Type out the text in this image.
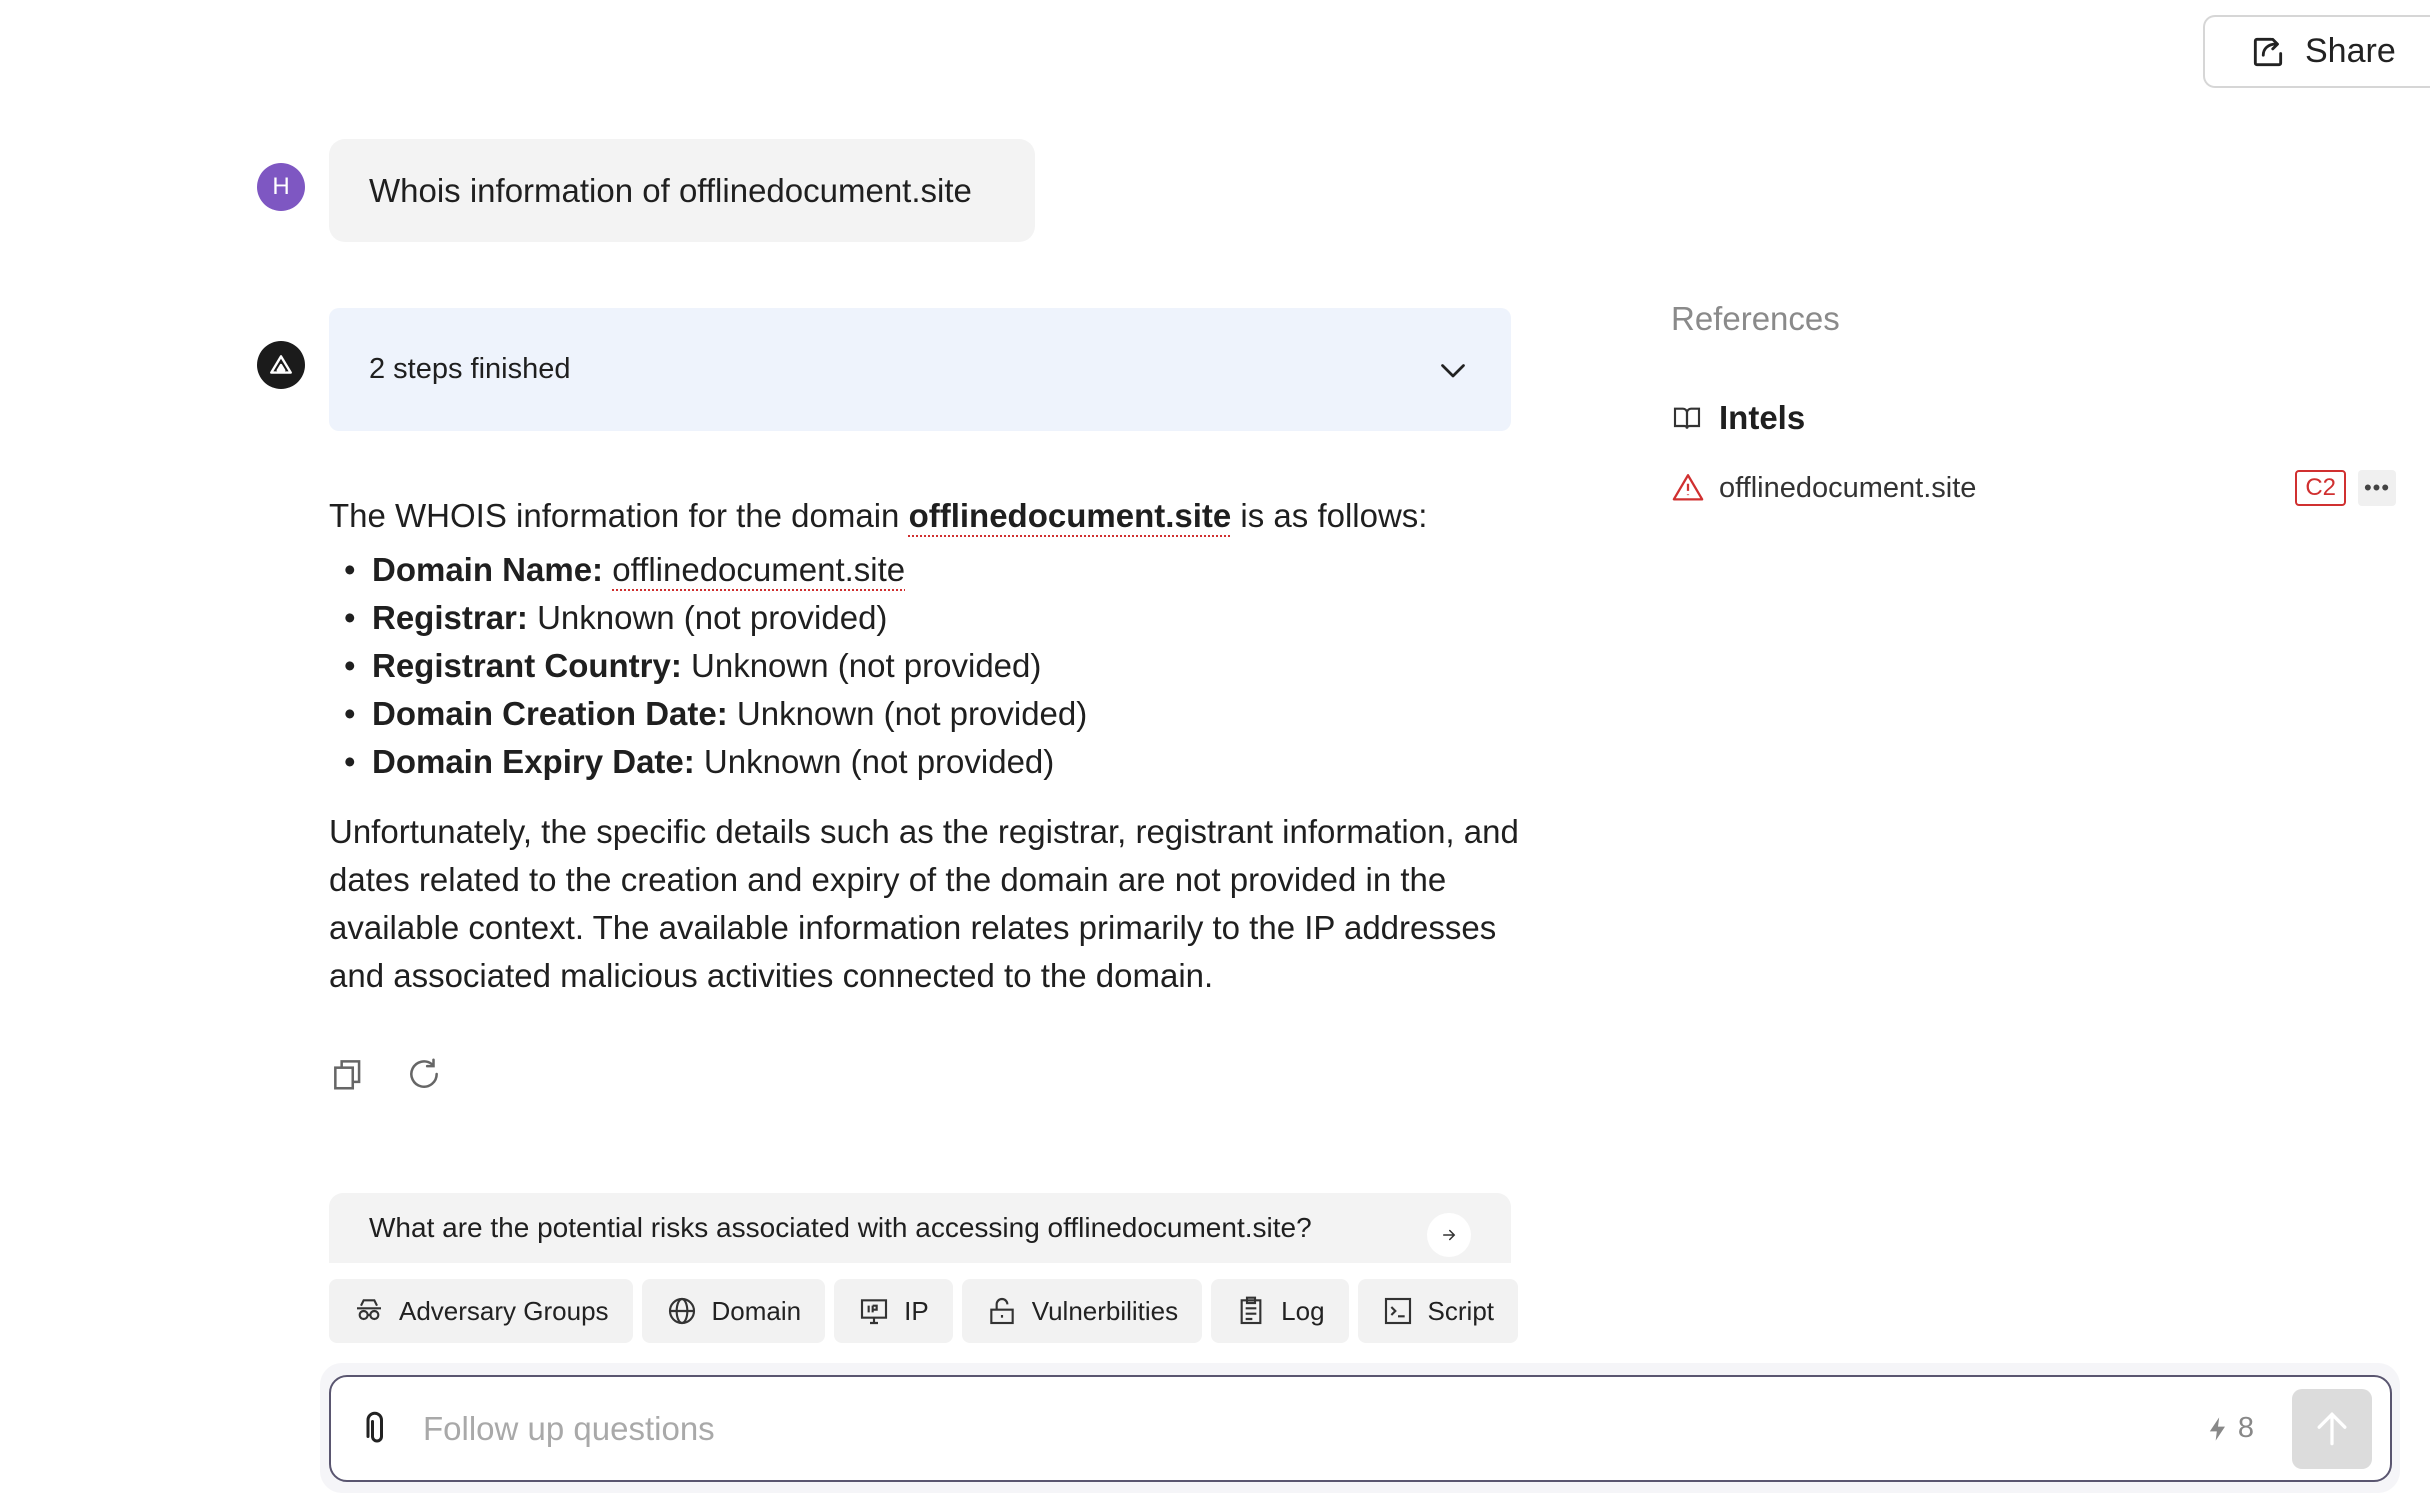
Share
H	Whois information of offlinedocument.site
2 steps finished
The WHOIS information for the domain offlinedocument.site is as follows:
• Domain Name: offlinedocument.site
• Registrar: Unknown (not provided)
• Registrant Country: Unknown (not provided)
• Domain Creation Date: Unknown (not provided)
• Domain Expiry Date: Unknown (not provided)
Unfortunately, the specific details such as the registrar, registrant information, and dates related to the creation and expiry of the domain are not provided in the available context. The available information relates primarily to the IP addresses and associated malicious activities connected to the domain.
What are the potential risks associated with accessing offlinedocument.site?
Adversary Groups	Domain	IP	Vulnerbilities	Log	Script
Follow up questions
8
References
Intels
offlinedocument.site	C2	•••
